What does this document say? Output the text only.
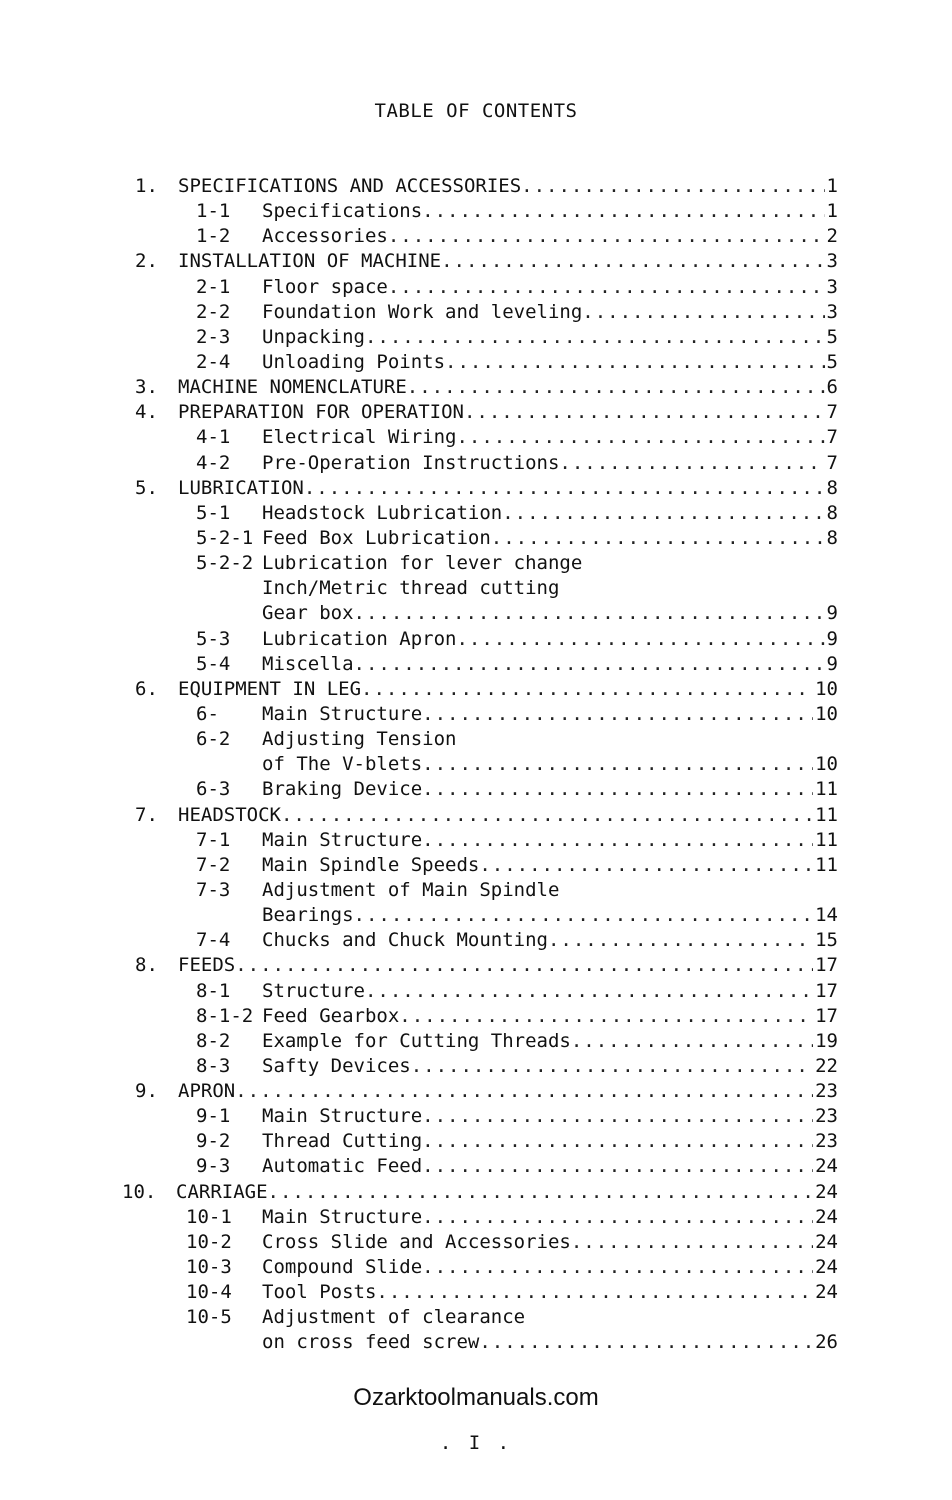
TABLE OF CONTENTS
1. SPECIFICATIONS AND ACCESSORIES .....	1
1-1 Specifications .....	1
1-2 Accessories .....	2
2. INSTALLATION OF MACHINE .....	3
2-1 Floor space .....	3
2-2 Foundation Work and leveling .....	3
2-3 Unpacking .....	5
2-4 Unloading Points .....	5
3. MACHINE NOMENCLATURE .....	6
4. PREPARATION FOR OPERATION .....	7
4-1 Electrical Wiring .....	7
4-2 Pre-Operation Instructions .....	7
5. LUBRICATION .....	8
5-1 Headstock Lubrication .....	8
5-2-1 Feed Box Lubrication .....	8
5-2-2 Lubrication for lever change
Inch/Metric thread cutting
Gear box .....	9
5-3 Lubrication Apron .....	9
5-4 Miscella .....	9
6. EQUIPMENT IN LEG .....	10
6- Main Structure .....	10
6-2 Adjusting Tension
of The V-blets .....	10
6-3 Braking Device .....	11
7. HEADSTOCK .....	11
7-1 Main Structure .....	11
7-2 Main Spindle Speeds .....	11
7-3 Adjustment of Main Spindle
Bearings .....	14
7-4 Chucks and Chuck Mounting .....	15
8. FEEDS .....	17
8-1 Structure .....	17
8-1-2 Feed Gearbox .....	17
8-2 Example for Cutting Threads .....	19
8-3 Safty Devices .....	22
9. APRON .....	23
9-1 Main Structure .....	23
9-2 Thread Cutting .....	23
9-3 Automatic Feed .....	24
10. CARRIAGE .....	24
10-1 Main Structure .....	24
10-2 Cross Slide and Accessories .....	24
10-3 Compound Slide .....	24
10-4 Tool Posts .....	24
10-5 Adjustment of clearance
on cross feed screw .....	26
Ozarktoolmanuals.com
. I .
